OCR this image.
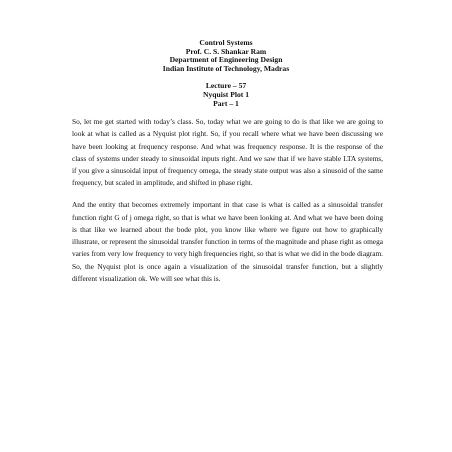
Control Systems
Prof. C. S. Shankar Ram
Department of Engineering Design
Indian Institute of Technology, Madras
Lecture – 57
Nyquist Plot 1
Part – 1

So, let me get started with today’s class. So, today what we are going to do is that like we are going to look at what is called as a Nyquist plot right. So, if you recall where what we have been discussing we have been looking at frequency response. And what was frequency response. It is the response of the class of systems under steady to sinusoidal inputs right. And we saw that if we have stable LTA systems, if you give a sinusoidal input of frequency omega, the steady state output was also a sinusoid of the same frequency, but scaled in amplitude, and shifted in phase right.

And the entity that becomes extremely important in that case is what is called as a sinusoidal transfer function right G of j omega right, so that is what we have been looking at. And what we have been doing is that like we learned about the bode plot, you know like where we figure out how to graphically illustrate, or represent the sinusoidal transfer function in terms of the magnitude and phase right as omega varies from very low frequency to very high frequencies right, so that is what we did in the bode diagram. So, the Nyquist plot is once again a visualization of the sinusoidal transfer function, but a slightly different visualization ok. We will see what this is.
